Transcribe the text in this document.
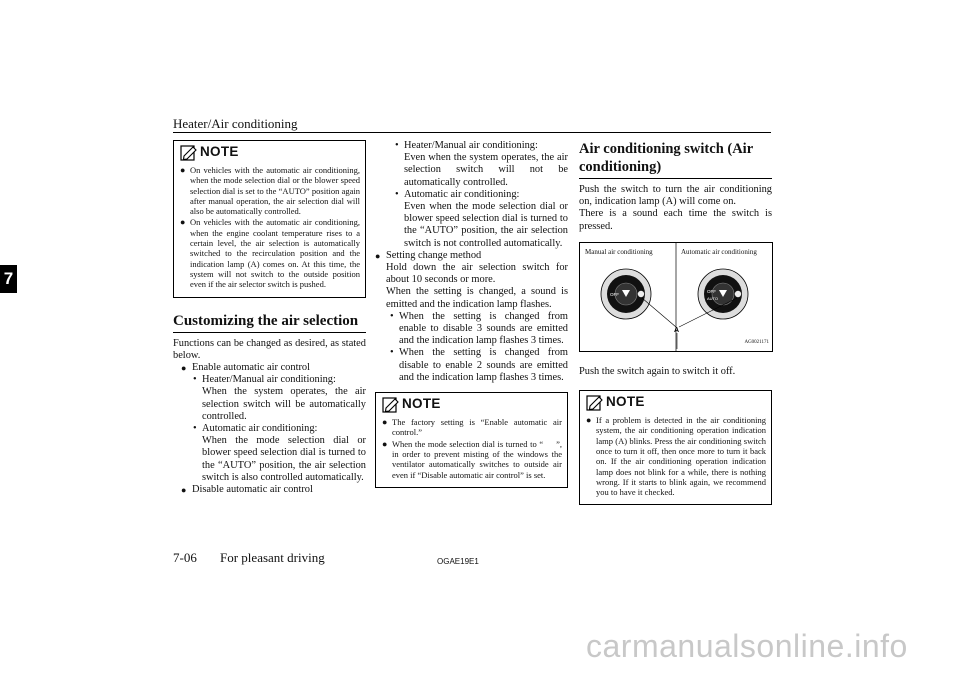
Heater/Air conditioning
7
NOTE
● On vehicles with the automatic air conditioning, when the mode selection dial or the blower speed selection dial is set to the “AUTO” position again after manual operation, the air selection dial will also be automatically controlled.
● On vehicles with the automatic air conditioning, when the engine coolant temperature rises to a certain level, the air selection is automatically switched to the recirculation position and the indication lamp (A) comes on. At this time, the system will not switch to the outside position even if the air selector switch is pushed.
Customizing the air selection

Functions can be changed as desired, as stated below.

● Enable automatic air control
• Heater/Manual air conditioning:

When the system operates, the air selection switch will be automatically controlled.

• Automatic air conditioning:

When the mode selection dial or blower speed selection dial is turned to the “AUTO” position, the air selection switch is also controlled automatically.

● Disable automatic air control
• Heater/Manual air conditioning:

Even when the system operates, the air selection switch will not be automatically controlled.

• Automatic air conditioning:

Even when the mode selection dial or blower speed selection dial is turned to the “AUTO” position, the air selection switch is not controlled automatically.

● Setting change method

Hold down the air selection switch for about 10 seconds or more.

When the setting is changed, a sound is emitted and the indication lamp flashes.

• When the setting is changed from enable to disable 3 sounds are emitted and the indication lamp flashes 3 times.
• When the setting is changed from disable to enable 2 sounds are emitted and the indication lamp flashes 3 times.
NOTE
● The factory setting is “Enable automatic air control.”
● When the mode selection dial is turned to “     ”, in order to prevent misting of the windows the ventilator automatically switches to outside air even if “Disable automatic air control” is set.
Air conditioning switch (Air conditioning)

Push the switch to turn the air conditioning on, indication lamp (A) will come on.

There is a sound each time the switch is pressed.

OFF
OFF
AUTO
A
Manual air conditioning	Automatic air conditioning
AG0021171

Push the switch again to switch it off.

NOTE
● If a problem is detected in the air conditioning system, the air conditioning operation indication lamp (A) blinks. Press the air conditioning switch once to turn it off, then once more to turn it back on. If the air conditioning operation indication lamp does not blink for a while, there is nothing wrong. If it starts to blink again, we recommend you to have it checked.
7-06 For pleasant driving	OGAE19E1
carmanualsonline.info
